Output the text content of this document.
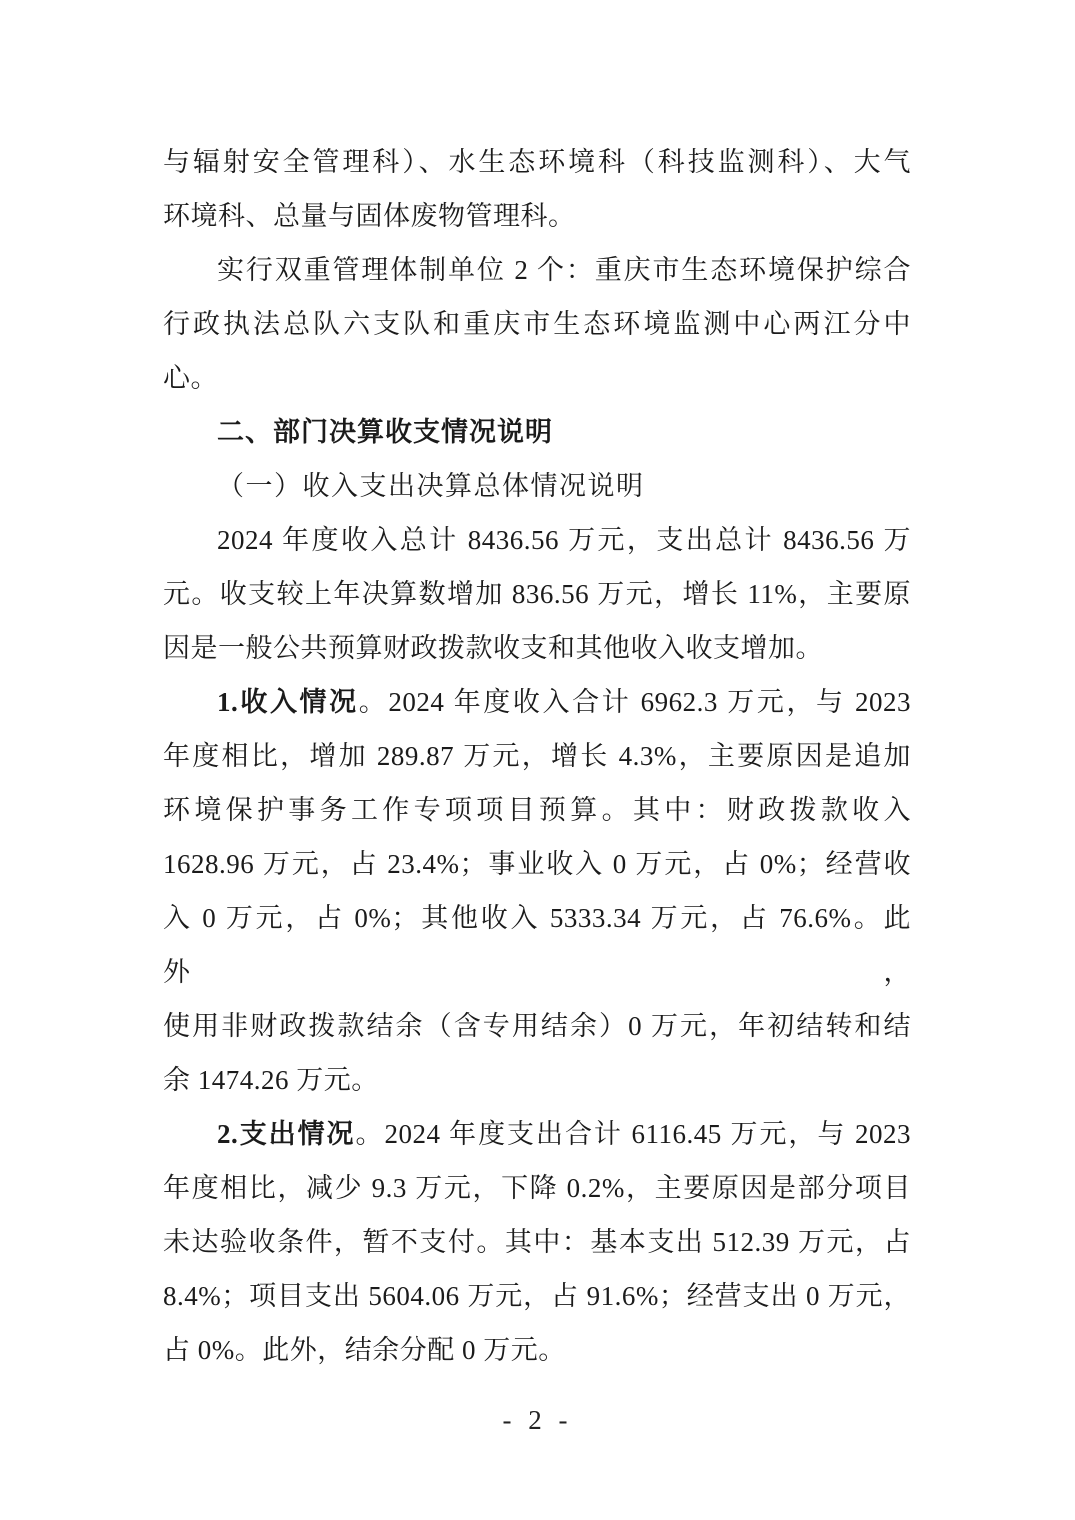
与辐射安全管理科）、水生态环境科（科技监测科）、大气
环境科、总量与固体废物管理科。
实行双重管理体制单位 2 个：重庆市生态环境保护综合
行政执法总队六支队和重庆市生态环境监测中心两江分中
心。
二、部门决算收支情况说明
（一）收入支出决算总体情况说明
2024 年度收入总计 8436.56 万元，支出总计 8436.56 万
元。收支较上年决算数增加 836.56 万元，增长 11%，主要原
因是一般公共预算财政拨款收支和其他收入收支增加。
1.收入情况。2024 年度收入合计 6962.3 万元，与 2023
年度相比，增加 289.87 万元，增长 4.3%，主要原因是追加
环境保护事务工作专项项目预算。其中：财政拨款收入
1628.96 万元，占 23.4%；事业收入 0 万元，占 0%；经营收
入 0 万元，占 0%；其他收入 5333.34 万元，占 76.6%。此外，
使用非财政拨款结余（含专用结余）0 万元，年初结转和结
余 1474.26 万元。
2.支出情况。2024 年度支出合计 6116.45 万元，与 2023
年度相比，减少 9.3 万元，下降 0.2%，主要原因是部分项目
未达验收条件，暂不支付。其中：基本支出 512.39 万元，占
8.4%；项目支出 5604.06 万元，占 91.6%；经营支出 0 万元，
占 0%。此外，结余分配 0 万元。
- 2 -
